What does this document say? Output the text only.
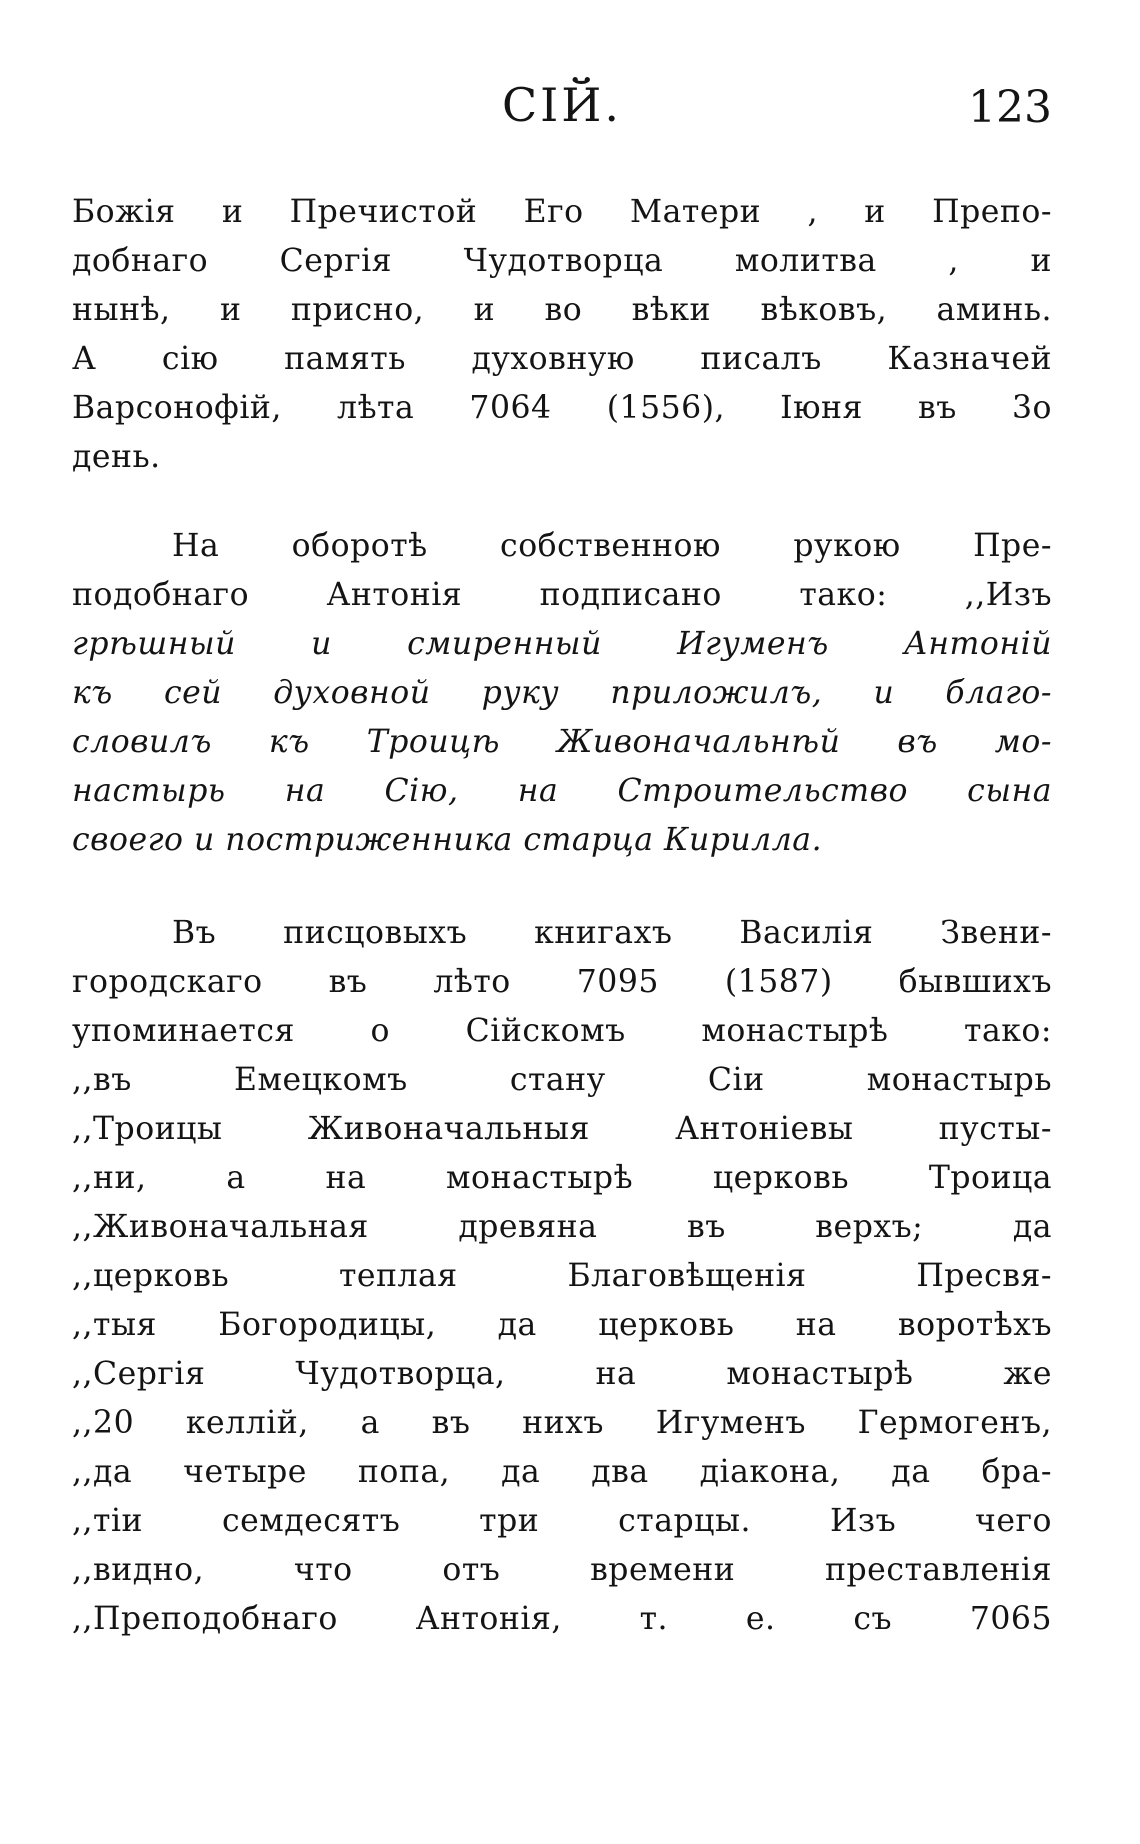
СІЙ.	123
Божія и Пречистой Его Матери , и Препо-
добнаго Сергія Чудотворца молитва , и
нынѣ, и присно, и во вѣки вѣковъ, аминь.
А сію память духовную писалъ Казначей
Варсонофій, лѣта 7064 (1556), Іюня въ 3о
день.
На оборотѣ собственною рукою Пре-
подобнаго Антонія подписано тако: ,,Изъ
грѣшный и смиренный Игуменъ Антоній
къ сей духовной руку приложилъ, и благо-
словилъ къ Троицѣ Живоначальнѣй въ мо-
настырь на Сію, на Строительство сына
своего и постриженника старца Кирилла.
Въ писцовыхъ книгахъ Василія Звени-
городскаго въ лѣто 7095 (1587) бывшихъ
упоминается о Сійскомъ монастырѣ тако:
,,въ Емецкомъ стану Сіи монастырь
,,Троицы Живоначальныя Антоніевы пусты-
,,ни, а на монастырѣ церковь Троица
,,Живоначальная древяна въ верхъ; да
,,церковь теплая Благовѣщенія Пресвя-
,,тыя Богородицы, да церковь на воротѣхъ
,,Сергія Чудотворца, на монастырѣ же
,,20 келлій, а въ нихъ Игуменъ Гермогенъ,
,,да четыре попа, да два діакона, да бра-
,,тіи семдесятъ три старцы. Изъ чего
,,видно, что отъ времени преставленія
,,Преподобнаго Антонія, т. е. съ 7065
